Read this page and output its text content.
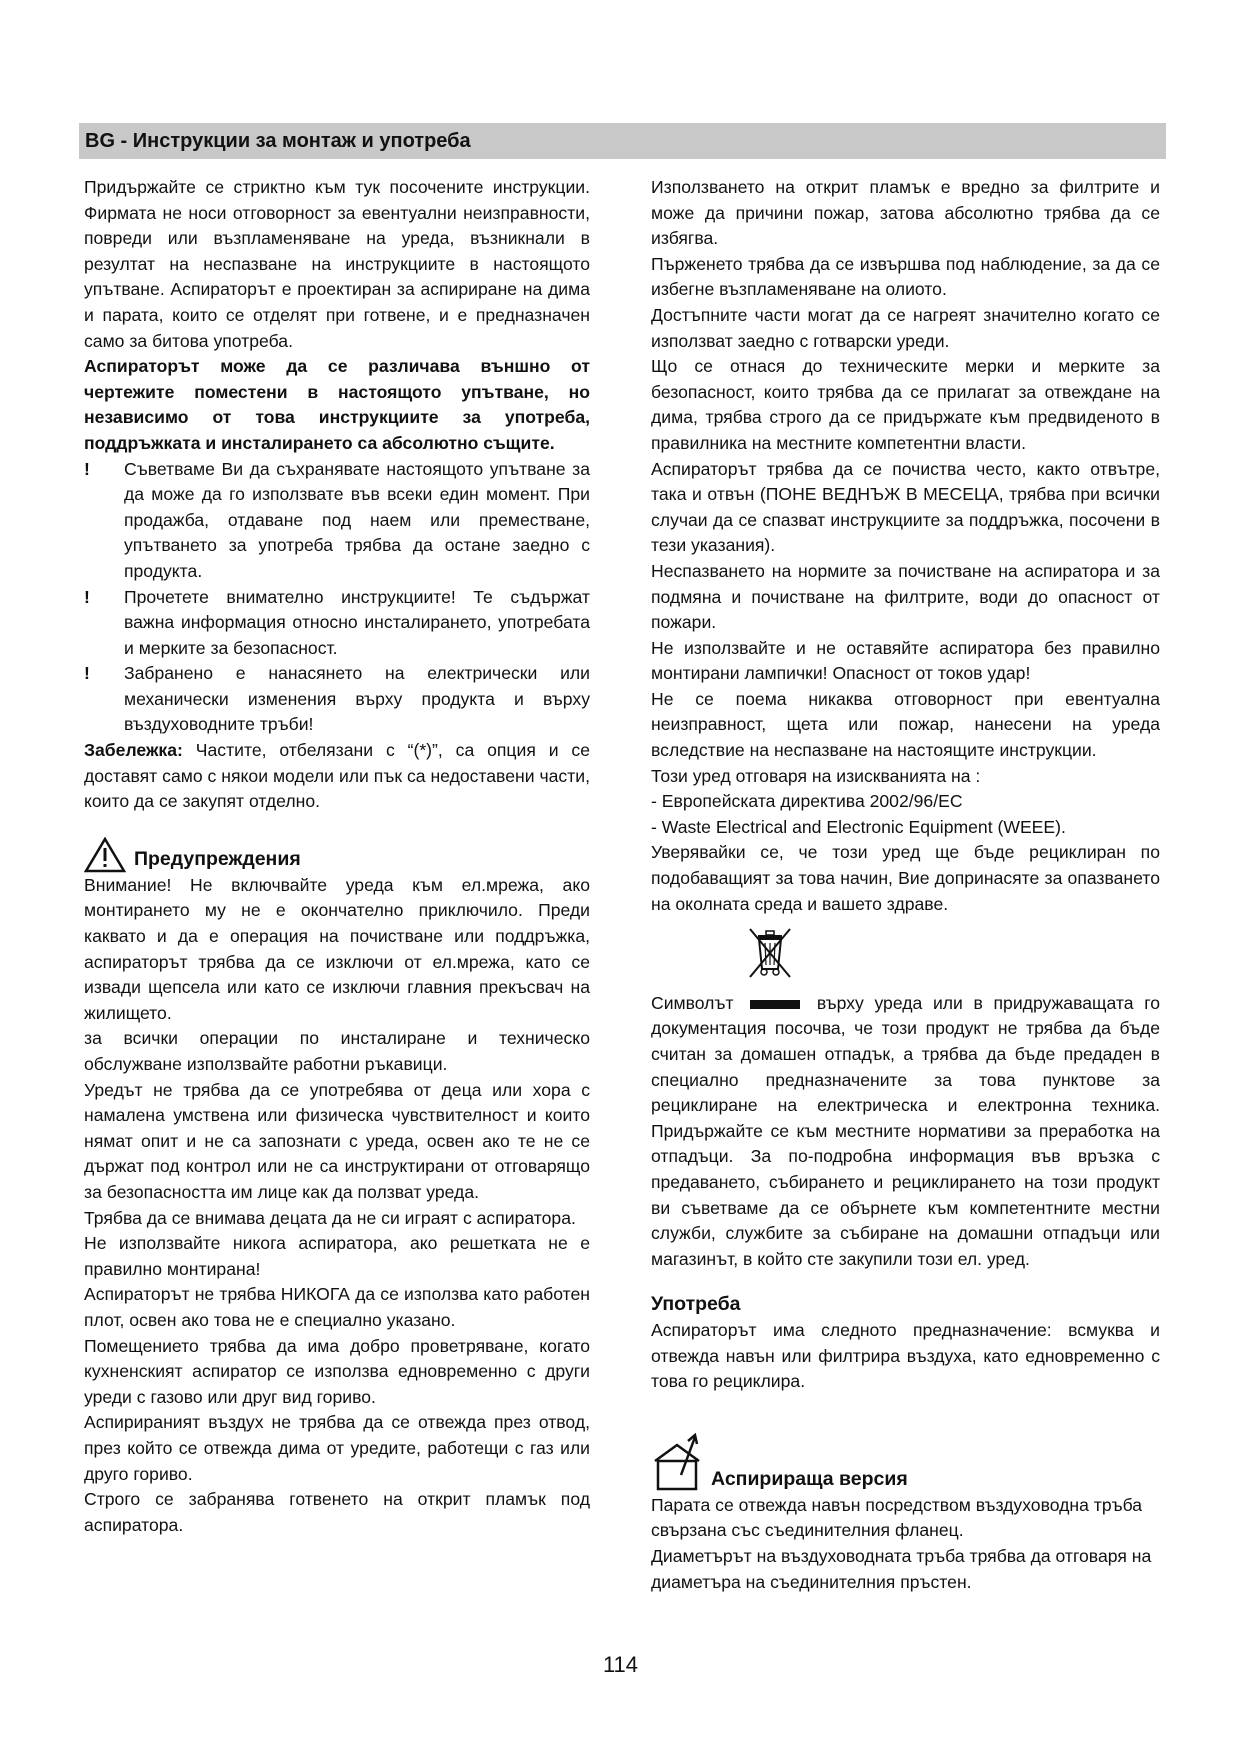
BG - Инструкции за монтаж и употреба

Придържайте се стриктно към тук посочените инструкции. Фирмата не носи отговорност за евентуални неизправности, повреди или възпламеняване на уреда, възникнали в резултат на неспазване на инструкциите в настоящото упътване. Аспираторът е проектиран за аспириране на дима и парата, които се отделят при готвене, и е предназначен само за битова употреба.

Аспираторът може да се различава външно от чертежите поместени в настоящото упътване, но независимо от това инструкциите за употреба, поддръжката и инсталирането са абсолютно същите.

!	Съветваме Ви да съхранявате настоящото упътване за да може да го използвате във всеки един момент. При продажба, отдаване под наем или преместване, упътването за употреба трябва да остане заедно с продукта.
!	Прочетете внимателно инструкциите! Те съдържат важна информация относно инсталирането, употребата и мерките за безопасност.
!	Забранено е нанасянето на електрически или механически изменения върху продукта и върху въздуховодните тръби!

Забележка: Частите, отбелязани с “(*)”, са опция и се доставят само с някои модели или пък са недоставени части, които да се закупят отделно.

Предупреждения

Внимание! Не включвайте уреда към ел.мрежа, ако монтирането му не е окончателно приключило. Преди каквато и да е операция на почистване или поддръжка, аспираторът трябва да се изключи от ел.мрежа, като се извади щепсела или като се изключи главния прекъсвач на жилището.

за всички операции по инсталиране и техническо обслужване използвайте работни ръкавици.

Уредът не трябва да се употребява от деца или хора с намалена умствена или физическа чувствителност и които нямат опит и не са запознати с уреда, освен ако те не се държат под контрол или не са инструктирани от отговарящо за безопасността им лице как да ползват уреда.

Трябва да се внимава децата да не си играят с аспиратора.

Не използвайте никога аспиратора, ако решетката не е правилно монтирана!

Аспираторът не трябва НИКОГА да се използва като работен плот, освен ако това не е специално указано.

Помещението трябва да има добро проветряване, когато кухненският аспиратор се използва едновременно с други уреди с газово или друг вид гориво.

Аспирираният въздух не трябва да се отвежда през отвод, през който се отвежда дима от уредите, работещи с газ или друго гориво.

Строго се забранява готвенето на открит пламък под аспиратора.

Използването на открит пламък е вредно за филтрите и може да причини пожар, затова абсолютно трябва да се избягва.

Пърженето трябва да се извършва под наблюдение, за да се избегне възпламеняване на олиото.

Достъпните части могат да се нагреят значително когато се използват заедно с готварски уреди.

Що се отнася до техническите мерки и мерките за безопасност, които трябва да се прилагат за отвеждане на дима, трябва строго да се придържате към предвиденото в правилника на местните компетентни власти.

Аспираторът трябва да се почиства често, както отвътре, така и отвън (ПОНЕ ВЕДНЪЖ В МЕСЕЦА, трябва при всички случаи да се спазват инструкциите за поддръжка, посочени в тези указания).

Неспазването на нормите за почистване на аспиратора и за подмяна и почистване на филтрите, води до опасност от пожари.

Не използвайте и не оставяйте аспиратора без правилно монтирани лампички! Опасност от токов удар!

Не се поема никаква отговорност при евентуална неизправност, щета или пожар, нанесени на уреда вследствие на неспазване на настоящите инструкции.

Този уред отговаря на изискванията на :

- Европейската директива 2002/96/ЕС

- Waste Electrical and Electronic Equipment (WEEE).

Уверявайки се, че този уред ще бъде рециклиран по подобаващият за това начин, Вие допринасяте за опазването на околната среда и вашето здраве.

Символът	върху уреда или в придружаващата го документация посочва, че този продукт не трябва да бъде считан за домашен отпадък, а трябва да бъде предаден в специално предназначените за това пунктове за рециклиране на електрическа и електронна техника. Придържайте се към местните нормативи за преработка на отпадъци. За по-подробна информация във връзка с предаването, събирането и рециклирането на този продукт ви съветваме да се обърнете към компетентните местни служби, службите за събиране на домашни отпадъци или магазинът, в който сте закупили този ел. уред.

Употреба

Аспираторът има следното предназначение: всмуква и отвежда навън или филтрира въздуха, като едновременно с това го рециклира.

Аспирираща версия

Парата се отвежда навън посредством въздуховодна тръба свързана със съединителния фланец.

Диаметърът на въздуховодната тръба трябва да отговаря на диаметъра на съединителния пръстен.

114
